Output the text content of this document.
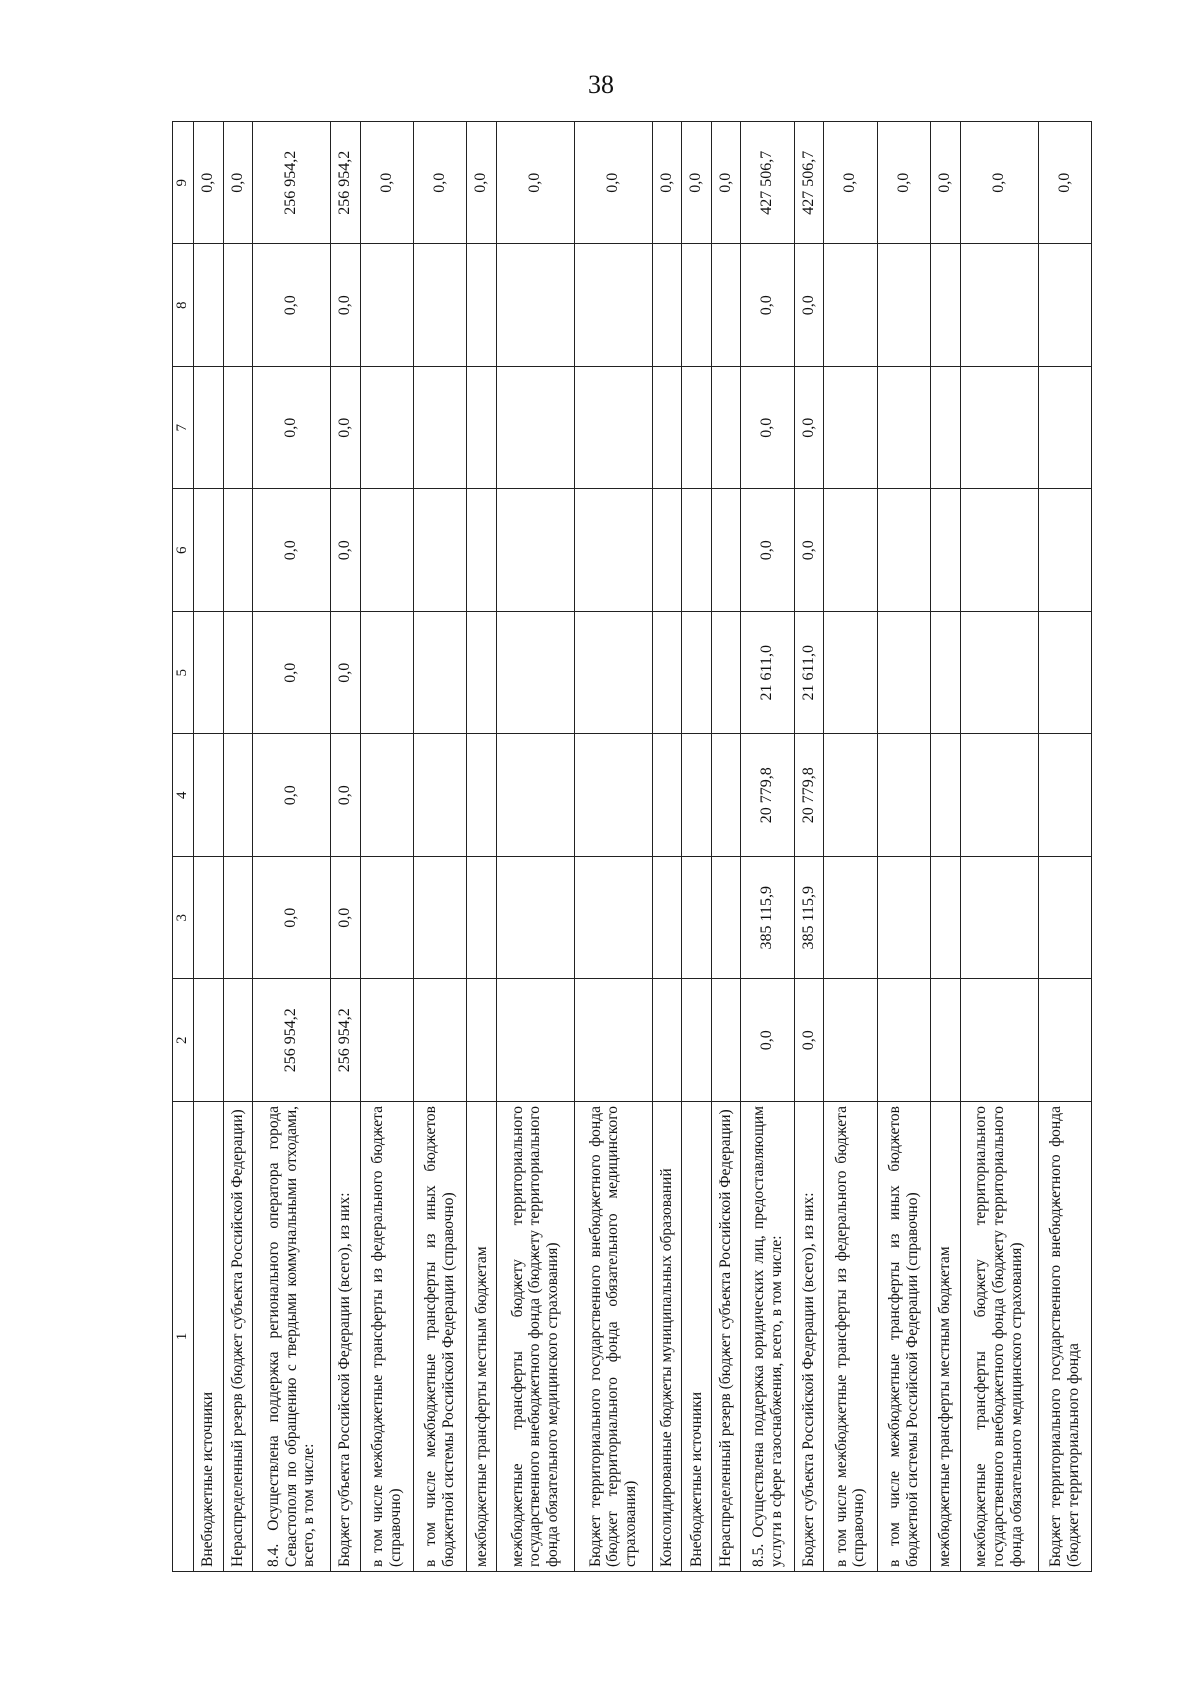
38
1	2	3	4	5	6	7	8	9
Внебюджетные источники								0,0
Нераспределенный резерв (бюджет субъекта Российской Федерации)								0,0
8.4. Осуществлена поддержка регионального оператора города Севастополя по обращению с твердыми коммунальными отходами, всего, в том числе:	256 954,2	0,0	0,0	0,0	0,0	0,0	0,0	256 954,2
Бюджет субъекта Российской Федерации (всего), из них:	256 954,2	0,0	0,0	0,0	0,0	0,0	0,0	256 954,2
в том числе межбюджетные трансферты из федерального бюджета (справочно)								0,0
в том числе межбюджетные трансферты из иных бюджетов бюджетной системы Российской Федерации (справочно)								0,0
межбюджетные трансферты местным бюджетам								0,0
межбюджетные трансферты бюджету территориального государственного внебюджетного фонда (бюджету территориального фонда обязательного медицинского страхования)								0,0
Бюджет территориального государственного внебюджетного фонда (бюджет территориального фонда обязательного медицинского страхования)								0,0
Консолидированные бюджеты муниципальных образований								0,0
Внебюджетные источники								0,0
Нераспределенный резерв (бюджет субъекта Российской Федерации)								0,0
8.5. Осуществлена поддержка юридических лиц, предоставляющим услуги в сфере газоснабжения, всего, в том числе:	0,0	385 115,9	20 779,8	21 611,0	0,0	0,0	0,0	427 506,7
Бюджет субъекта Российской Федерации (всего), из них:	0,0	385 115,9	20 779,8	21 611,0	0,0	0,0	0,0	427 506,7
в том числе межбюджетные трансферты из федерального бюджета (справочно)								0,0
в том числе межбюджетные трансферты из иных бюджетов бюджетной системы Российской Федерации (справочно)								0,0
межбюджетные трансферты местным бюджетам								0,0
межбюджетные трансферты бюджету территориального государственного внебюджетного фонда (бюджету территориального фонда обязательного медицинского страхования)								0,0
Бюджет территориального государственного внебюджетного фонда (бюджет территориального фонда								0,0
